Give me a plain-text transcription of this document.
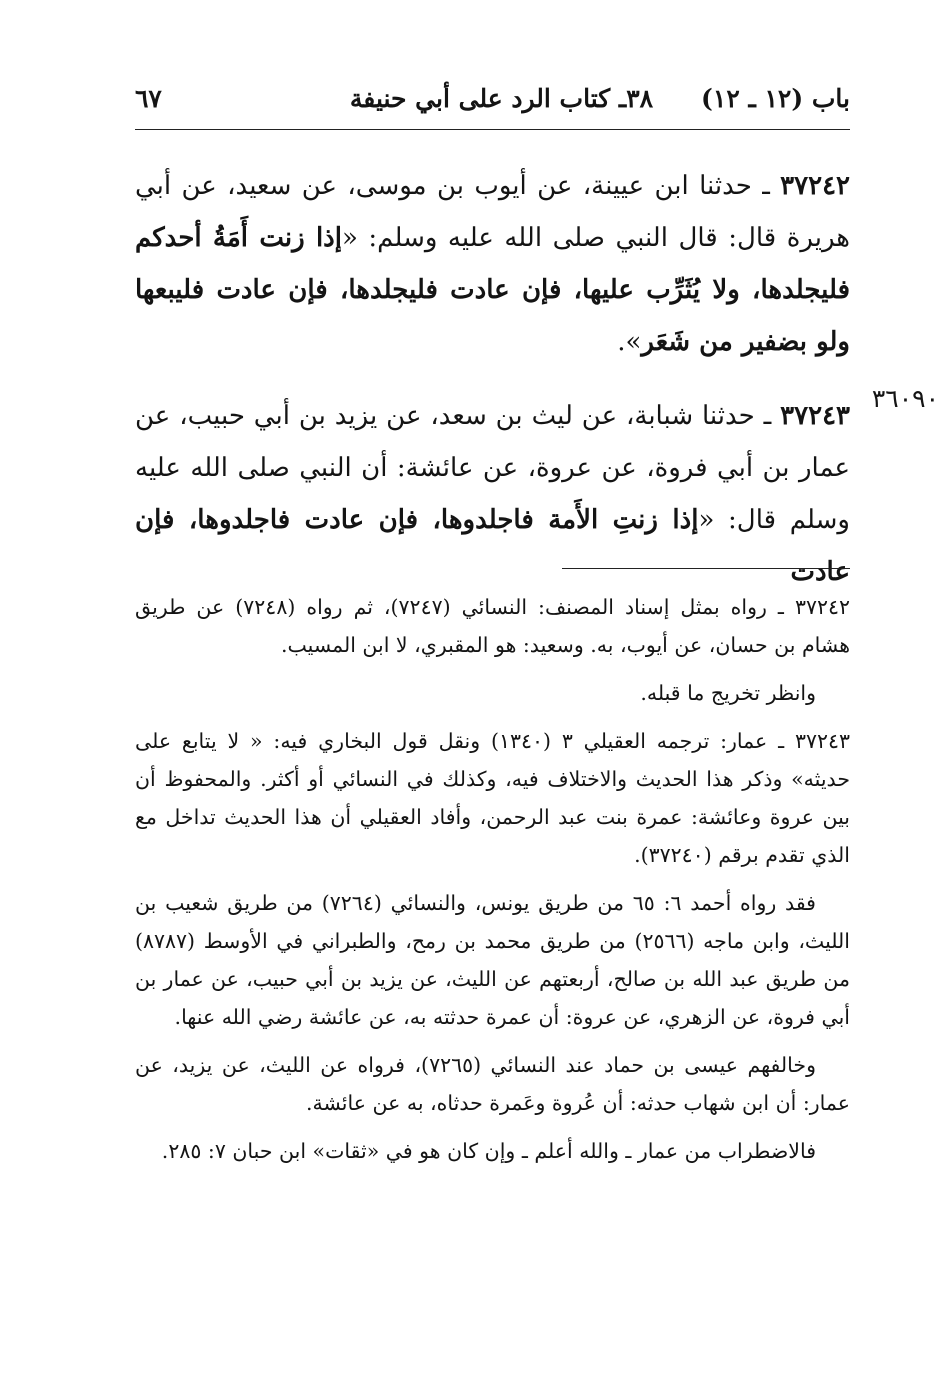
باب (١٢ ـ ١٢)
٣٨ـ كتاب الرد على أبي حنيفة
٦٧
٣٦٠٩٠

٣٧٢٤٢ ـ حدثنا ابن عيينة، عن أيوب بن موسى، عن سعيد، عن أبي هريرة قال: قال النبي صلى الله عليه وسلم: «إذا زنت أَمَةُ أحدكم فليجلدها، ولا يُثَرِّب عليها، فإن عادت فليجلدها، فإن عادت فليبعها ولو بضفير من شَعَر».

٣٧٢٤٣ ـ حدثنا شبابة، عن ليث بن سعد، عن يزيد بن أبي حبيب، عن عمار بن أبي فروة، عن عروة، عن عائشة: أن النبي صلى الله عليه وسلم قال: «إذا زنتِ الأَمة فاجلدوها، فإن عادت فاجلدوها، فإن عادت

٣٧٢٤٢ ـ رواه بمثل إسناد المصنف: النسائي (٧٢٤٧)، ثم رواه (٧٢٤٨) عن طريق هشام بن حسان، عن أيوب، به. وسعيد: هو المقبري، لا ابن المسيب.

وانظر تخريج ما قبله.

٣٧٢٤٣ ـ عمار: ترجمه العقيلي ٣ (١٣٤٠) ونقل قول البخاري فيه: « لا يتابع على حديثه» وذكر هذا الحديث والاختلاف فيه، وكذلك في النسائي أو أكثر. والمحفوظ أن بين عروة وعائشة: عمرة بنت عبد الرحمن، وأفاد العقيلي أن هذا الحديث تداخل مع الذي تقدم برقم (٣٧٢٤٠).

فقد رواه أحمد ٦: ٦٥ من طريق يونس، والنسائي (٧٢٦٤) من طريق شعيب بن الليث، وابن ماجه (٢٥٦٦) من طريق محمد بن رمح، والطبراني في الأوسط (٨٧٨٧) من طريق عبد الله بن صالح، أربعتهم عن الليث، عن يزيد بن أبي حبيب، عن عمار بن أبي فروة، عن الزهري، عن عروة: أن عمرة حدثته به، عن عائشة رضي الله عنها.

وخالفهم عيسى بن حماد عند النسائي (٧٢٦٥)، فرواه عن الليث، عن يزيد، عن عمار: أن ابن شهاب حدثه: أن عُروة وعَمرة حدثاه، به عن عائشة.

فالاضطراب من عمار ـ والله أعلم ـ وإن كان هو في «ثقات» ابن حبان ٧: ٢٨٥.
